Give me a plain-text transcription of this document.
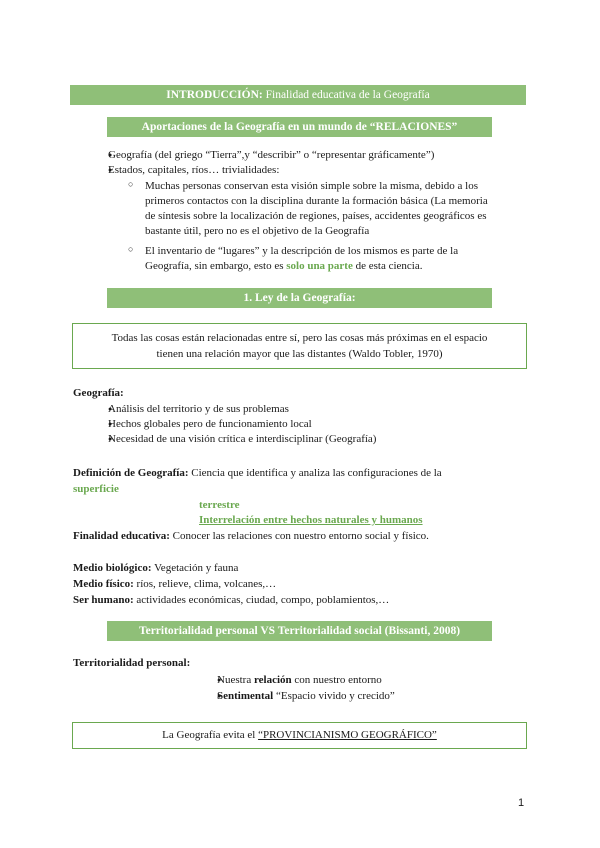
INTRODUCCIÓN: Finalidad educativa de la Geografía
Aportaciones de la Geografía en un mundo de “RELACIONES”
● Geografía (del griego “Tierra”,y “describir” o “representar gráficamente”)
● Estados, capitales, ríos… trivialidades:
○ Muchas personas conservan esta visión simple sobre la misma, debido a los
primeros contactos con la disciplina durante la formación básica (La memoria
de síntesis sobre la localización de regiones, países, accidentes geográficos es
bastante útil, pero no es el objetivo de la Geografía
○ El inventario de “lugares” y la descripción de los mismos es parte de la
Geografía, sin embargo, esto es solo una parte de esta ciencia.
1. Ley de la Geografía:
Todas las cosas están relacionadas entre sí, pero las cosas más próximas en el espacio
tienen una relación mayor que las distantes (Waldo Tobler, 1970)
Geografía:
● Análisis del territorio y de sus problemas
● Hechos globales pero de funcionamiento local
● Necesidad de una visión crítica e interdisciplinar (Geografía)
Definición de Geografía: Ciencia que identifica y analiza las configuraciones de la
superficie
terrestre
Interrelación entre hechos naturales y humanos
Finalidad educativa: Conocer las relaciones con nuestro entorno social y físico.
Medio biológico: Vegetación y fauna
Medio físico: ríos, relieve, clima, volcanes,…
Ser humano: actividades económicas, ciudad, compo, poblamientos,…
Territorialidad personal VS Territorialidad social (Bissanti, 2008)
Territorialidad personal:
● Nuestra relación con nuestro entorno
● Sentimental “Espacio vivido y crecido”
La Geografía evita el “PROVINCIANISMO GEOGRÁFICO”
1
